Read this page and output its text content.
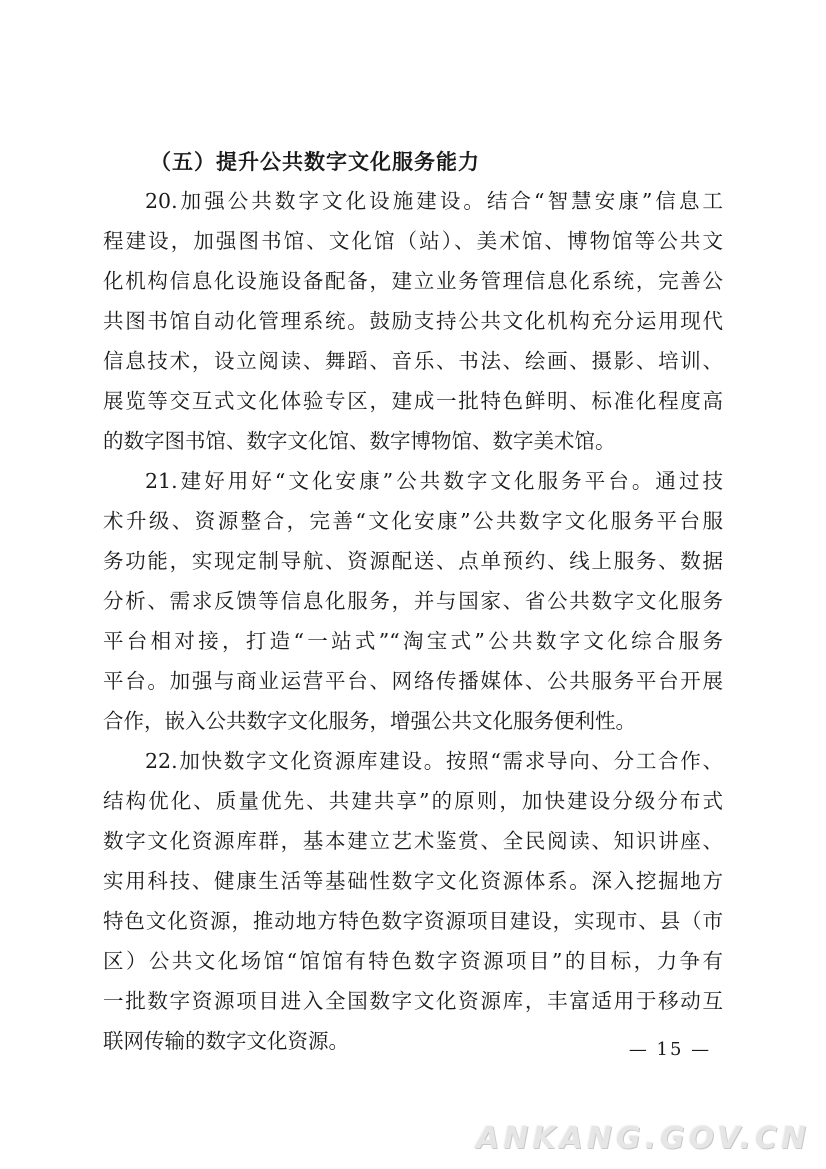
（五）提升公共数字文化服务能力
20.加强公共数字文化设施建设。结合“智慧安康”信息工
程建设，加强图书馆、文化馆（站）、美术馆、博物馆等公共文
化机构信息化设施设备配备，建立业务管理信息化系统，完善公
共图书馆自动化管理系统。鼓励支持公共文化机构充分运用现代
信息技术，设立阅读、舞蹈、音乐、书法、绘画、摄影、培训、
展览等交互式文化体验专区，建成一批特色鲜明、标准化程度高
的数字图书馆、数字文化馆、数字博物馆、数字美术馆。
21.建好用好“文化安康”公共数字文化服务平台。通过技
术升级、资源整合，完善“文化安康”公共数字文化服务平台服
务功能，实现定制导航、资源配送、点单预约、线上服务、数据
分析、需求反馈等信息化服务，并与国家、省公共数字文化服务
平台相对接，打造“一站式”“淘宝式”公共数字文化综合服务
平台。加强与商业运营平台、网络传播媒体、公共服务平台开展
合作，嵌入公共数字文化服务，增强公共文化服务便利性。
22.加快数字文化资源库建设。按照“需求导向、分工合作、
结构优化、质量优先、共建共享”的原则，加快建设分级分布式
数字文化资源库群，基本建立艺术鉴赏、全民阅读、知识讲座、
实用科技、健康生活等基础性数字文化资源体系。深入挖掘地方
特色文化资源，推动地方特色数字资源项目建设，实现市、县（市
区）公共文化场馆“馆馆有特色数字资源项目”的目标，力争有
一批数字资源项目进入全国数字文化资源库，丰富适用于移动互
联网传输的数字文化资源。	— 15 —
ANKANG.GOV.CN
